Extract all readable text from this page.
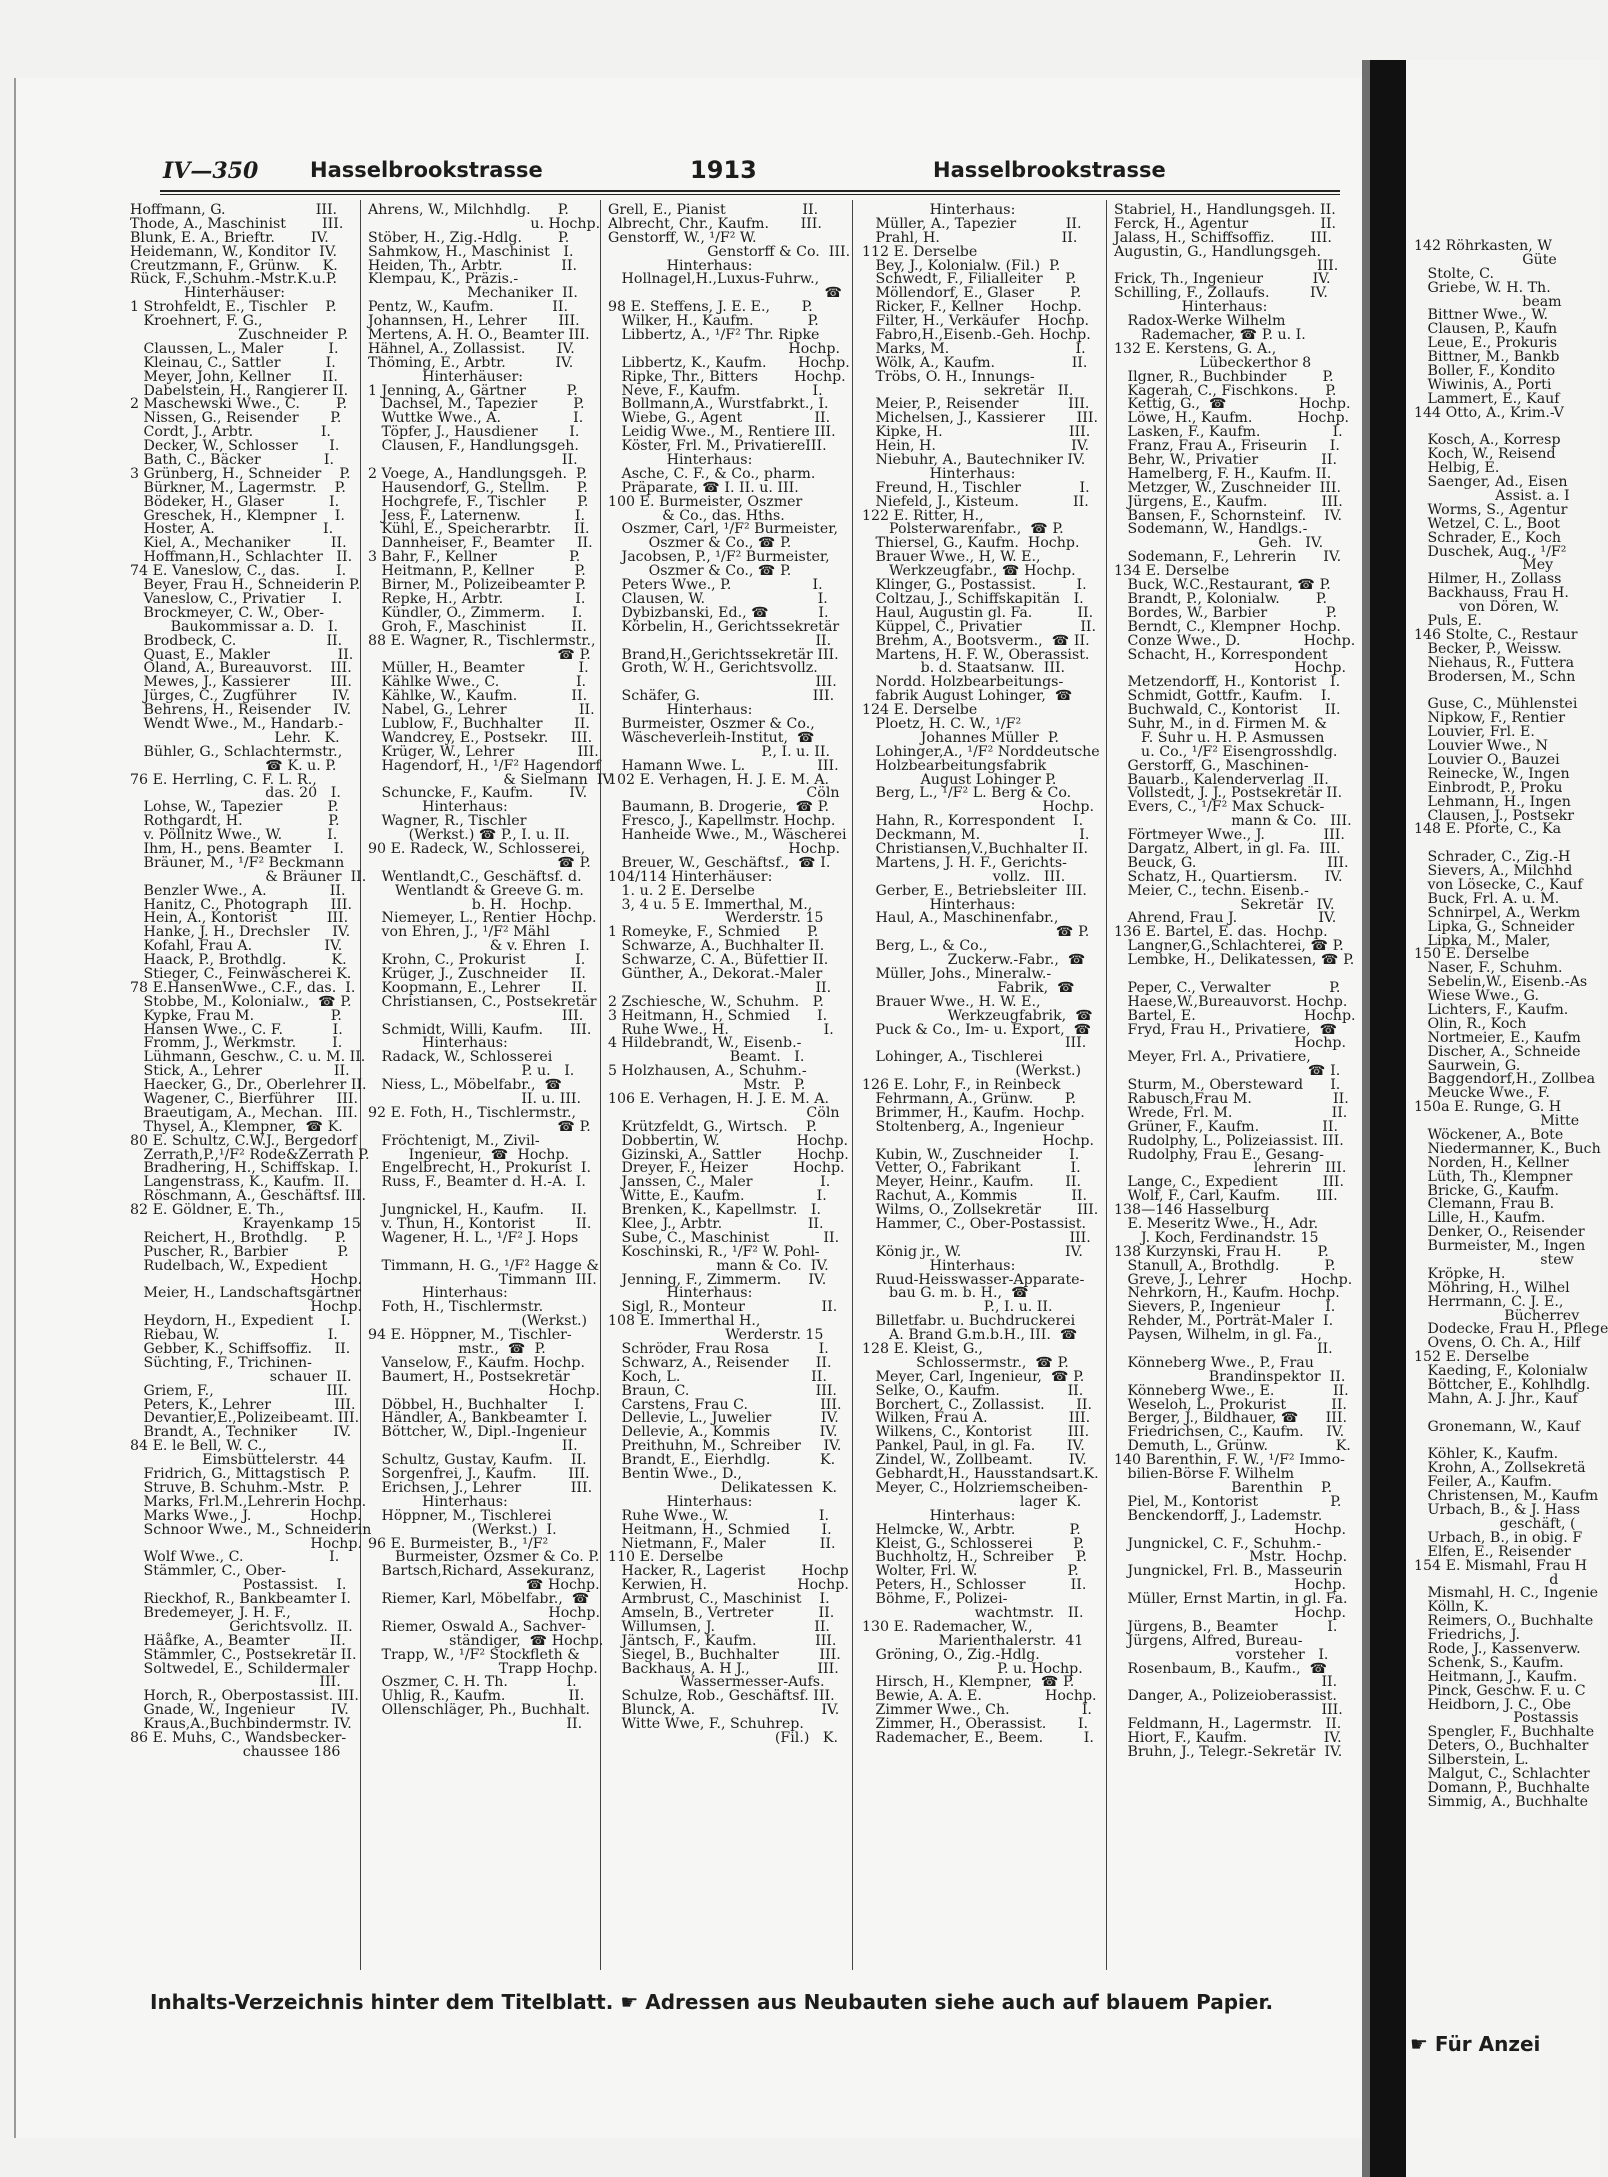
142 Röhrkasten, W
Güte
Stolte, C.
Griebe, W. H. Th.
beam
Bittner Wwe., W.
Clausen, P., Kaufn
Leue, E., Prokuris
Bittner, M., Bankb
Boller, F., Kondito
Wiwinis, A., Porti
Lammert, E., Kauf
144 Otto, A., Krim.-V
Kosch, A., Korresp
Koch, W., Reisend
Helbig, E.
Saenger, Ad., Eisen
Assist. a. I
Worms, S., Agentur
Wetzel, C. L., Boot
Schrader, E., Koch
Duschek, Aug., ¹/F²
Mey
Hilmer, H., Zollass
Backhauss, Frau H.
von Dören, W.
Puls, E.
146 Stolte, C., Restaur
Becker, P., Weissw.
Niehaus, R., Futtera
Brodersen, M., Schn
Guse, C., Mühlenstei
Nipkow, F., Rentier
Louvier, Frl. E.
Louvier Wwe., N
Louvier O., Bauzei
Reinecke, W., Ingen
Einbrodt, P., Proku
Lehmann, H., Ingen
Clausen, J., Postsekr
148 E. Pforte, C., Ka
Schrader, C., Zig.-H
Sievers, A., Milchhd
von Lösecke, C., Kauf
Buck, Frl. A. u. M.
Schnirpel, A., Werkm
Lipka, G., Schneider
Lipka, M., Maler,
150 E. Derselbe
Naser, F., Schuhm.
Sebelin,W., Eisenb.-As
Wiese Wwe., G.
Lichters, F., Kaufm.
Olin, R., Koch
Nortmeier, E., Kaufm
Discher, A., Schneide
Saurwein, G.
Baggendorf,H., Zollbea
Meucke Wwe., F.
150a E. Runge, G. H
Mitte
Wöckener, A., Bote
Niedermanner, K., Buch
Norden, H., Kellner
Lüth, Th., Klempner
Bricke, G., Kaufm.
Clemann, Frau B.
Lille, H., Kaufm.
Denker, O., Reisender
Burmeister, M., Ingen
stew
Kröpke, H.
Möhring, H., Wilhel
Herrmann, C. J. E.,
Bücherrev
Dodecke, Frau H., Pflege
Ovens, O. Ch. A., Hilf
152 E. Derselbe
Kaeding, F., Kolonialw
Böttcher, E., Kohlhdlg.
Mahn, A. J. Jhr., Kauf
Gronemann, W., Kauf
Köhler, K., Kaufm.
Krohn, A., Zollsekretä
Feiler, A., Kaufm.
Christensen, M., Kaufm
Urbach, B., & J. Hass
geschäft, (
Urbach, B., in obig. F
Elfen, E., Reisender
154 E. Mismahl, Frau H
d
Mismahl, H. C., Ingenie
Kölln, K.
Reimers, O., Buchhalte
Friedrichs, J.
Rode, J., Kassenverw.
Schenk, S., Kaufm.
Heitmann, J., Kaufm.
Pinck, Geschw. F. u. C
Heidborn, J. C., Obe
Postassis
Spengler, F., Buchhalte
Deters, O., Buchhalter
Silberstein, L.
Malgut, C., Schlachter
Domann, P., Buchhalte
Simmig, A., Buchhalte
☛ Für Anzei
IV—350 Hasselbrookstrasse	1913	Hasselbrookstrasse
Hoffmann, G.                    III.
Thode, A., Maschinist        III.
Blunk, E. A., Brieftr.        IV.
Heidemann, W., Konditor  IV.
Creutzmann, F., Grünw.     K.
Rück, F.,Schuhm.-Mstr.K.u.P.
Hinterhäuser:
1 Strohfeldt, E., Tischler    P.
Kroehnert, F. G.,
Zuschneider  P.
Claussen, L., Maler          I.
Kleinau, C., Sattler          I.
Meyer, John, Kellner       II.
Dabelstein, H., Rangierer II.
2 Maschewski Wwe., C.        P.
Nissen, G., Reisender       P.
Cordt, J., Arbtr.               I.
Decker, W., Schlosser       I.
Bath, C., Bäcker              I.
3 Grünberg, H., Schneider    P.
Bürkner, M., Lagermstr.    P.
Bödeker, H., Glaser          I.
Greschek, H., Klempner    I.
Hoster, A.                        I.
Kiel, A., Mechaniker         II.
Hoffmann,H., Schlachter   II.
74 E. Vaneslow, C., das.        I.
Beyer, Frau H., Schneiderin P.
Vaneslow, C., Privatier      I.
Brockmeyer, C. W., Ober-
Baukommissar a. D.   I.
Brodbeck, C.                    II.
Quast, E., Makler               II.
Oland, A., Bureauvorst.    III.
Mewes, J., Kassierer         III.
Jürges, C., Zugführer        IV.
Behrens, H., Reisender     IV.
Wendt Wwe., M., Handarb.-
Lehr.   K.
Bühler, G., Schlachtermstr.,
☎ K. u. P.
76 E. Herrling, C. F. L. R.,
das. 20   I.
Lohse, W., Tapezier          P.
Rothgardt, H.                   P.
v. Pöllnitz Wwe., W.          I.
Ihm, H., pens. Beamter     I.
Bräuner, M., ¹/F² Beckmann
& Bräuner  II.
Benzler Wwe., A.              II.
Hanitz, C., Photograph     III.
Hein, A., Kontorist           III.
Hanke, J. H., Drechsler     IV.
Kofahl, Frau A.                IV.
Haack, P., Brothdlg.          K.
Stieger, C., Feinwäscherei K.
78 E.HansenWwe., C.F., das.  I.
Stobbe, M., Kolonialw.,  ☎ P.
Kypke, Frau M.                 P.
Hansen Wwe., C. F.           I.
Fromm, J., Werkmstr.        I.
Lühmann, Geschw., C. u. M. II.
Stick, A., Lehrer                II.
Haecker, G., Dr., Oberlehrer II.
Wagener, C., Bierführer     III.
Braeutigam, A., Mechan.   III.
Thysel, A., Klempner,  ☎ K.
80 E. Schultz, C.W.J., Bergedorf
Zerrath,P.,¹/F² Rode&Zerrath P.
Bradhering, H., Schiffskap.  I.
Langenstrass, K., Kaufm.  II.
Röschmann, A., Geschäftsf. III.
82 E. Göldner, E. Th.,
Krayenkamp  15
Reichert, H., Brothdlg.      P.
Puscher, R., Barbier           P.
Rudelbach, W., Expedient
Hochp.
Meier, H., Landschaftsgärtner
Hochp.
Heydorn, H., Expedient      I.
Riebau, W.                        I.
Gebber, K., Schiffsoffiz.     II.
Süchting, F., Trichinen-
schauer  II.
Griem, F.,                         III.
Peters, K., Lehrer              III.
Devantier,E.,Polizeibeamt. III.
Brandt, A., Techniker        IV.
84 E. le Bell, W. C.,
Eimsbüttelerstr.  44
Fridrich, G., Mittagstisch   P.
Struve, B. Schuhm.-Mstr.   P.
Marks, Frl.M.,Lehrerin Hochp.
Marks Wwe., J.             Hochp.
Schnoor Wwe., M., Schneiderin
Hochp.
Wolf Wwe., C.                   I.
Stämmler, C., Ober-
Postassist.    I.
Rieckhof, R., Bankbeamter I.
Bredemeyer, J. H. F.,
Gerichtsvollz.  II.
Häåfke, A., Beamter         II.
Stämmler, C., Postsekretär II.
Soltwedel, E., Schildermaler
III.
Horch, R., Oberpostassist. III.
Gnade, W., Ingenieur        IV.
Kraus,A.,Buchbindermstr. IV.
86 E. Muhs, C., Wandsbecker-
chaussee 186
Ahrens, W., Milchhdlg.      P.
u. Hochp.
Stöber, H., Zig.-Hdlg.        P.
Sahmkow, H., Maschinist   I.
Heiden, Th., Arbtr.             II.
Klempau, K., Präzis.-
Mechaniker  II.
Pentz, W., Kaufm.             II.
Johannsen, H., Lehrer       III.
Mertens, A. H. O., Beamter III.
Hähnel, A., Zollassist.       IV.
Thöming, E., Arbtr.           IV.
Hinterhäuser:
1 Jenning, A., Gärtner         P.
Dachsel, M., Tapezier        P.
Wuttke Wwe., A.                I.
Töpfer, J., Hausdiener       I.
Clausen, F., Handlungsgeh.
II.
2 Voege, A., Handlungsgeh.  P.
Hausendorf, G., Stellm.      P.
Hochgrefe, F., Tischler       P.
Jess, F., Laternenw.            I.
Kühl, E., Speicherarbtr.     II.
Dannheiser, F., Beamter     II.
3 Bahr, F., Kellner                P.
Heitmann, P., Kellner         P.
Birner, M., Polizeibeamter P.
Repke, H., Arbtr.                I.
Kündler, O., Zimmerm.      I.
Groh, F., Maschinist          II.
88 E. Wagner, R., Tischlermstr.,
☎ P.
Müller, H., Beamter            I.
Kählke Wwe., C.                 I.
Kählke, W., Kaufm.            II.
Nabel, G., Lehrer                II.
Lublow, F., Buchhalter       II.
Wandcrey, E., Postsekr.     III.
Krüger, W., Lehrer              III.
Hagendorf, H., ¹/F² Hagendorf
& Sielmann  IV.
Schuncke, F., Kaufm.        IV.
Hinterhaus:
Wagner, R., Tischler
(Werkst.) ☎ P., I. u. II.
90 E. Radeck, W., Schlosserei,
☎ P.
Wentlandt,C., Geschäftsf. d.
Wentlandt & Greeve G. m.
b. H.   Hochp.
Niemeyer, L., Rentier  Hochp.
von Ehren, J., ¹/F² Mähl
& v. Ehren   I.
Krohn, C., Prokurist           I.
Krüger, J., Zuschneider     II.
Koopmann, E., Lehrer       II.
Christiansen, C., Postsekretär
III.
Schmidt, Willi, Kaufm.      III.
Hinterhaus:
Radack, W., Schlosserei
P. u.   I.
Niess, L., Möbelfabr.,  ☎
II. u. III.
92 E. Foth, H., Tischlermstr.,
☎ P.
Fröchtenigt, M., Zivil-
Ingenieur,  ☎  Hochp.
Engelbrecht, H., Prokurist  I.
Russ, F., Beamter d. H.-A.  I.
Jungnickel, H., Kaufm.      II.
v. Thun, H., Kontorist         II.
Wagener, H. L., ¹/F² J. Hops
Timmann, H. G., ¹/F² Hagge &
Timmann  III.
Hinterhaus:
Foth, H., Tischlermstr.
(Werkst.)
94 E. Höppner, M., Tischler-
mstr.,  ☎  P.
Vanselow, F., Kaufm. Hochp.
Baumert, H., Postsekretär
Hochp.
Döbbel, H., Buchhalter      I.
Händler, A., Bankbeamter  I.
Böttcher, W., Dipl.-Ingenieur
II.
Schultz, Gustav, Kaufm.    II.
Sorgenfrei, J., Kaufm.       III.
Erichsen, J., Lehrer           III.
Hinterhaus:
Höppner, M., Tischlerei
(Werkst.)  I.
96 E. Burmeister, B., ¹/F²
Burmeister, Ozsmer & Co. P.
Bartsch,Richard, Assekuranz,
☎ Hochp.
Riemer, Karl, Möbelfabr.,  ☎
Hochp.
Riemer, Oswald A., Sachver-
ständiger,  ☎ Hochp.
Trapp, W., ¹/F² Stockfleth &
Trapp Hochp.
Oszmer, C. H. Th.             I.
Uhlig, R., Kaufm.              II.
Ollenschläger, Ph., Buchhalt.
II.
Grell, E., Pianist                 II.
Albrecht, Chr., Kaufm.       III.
Genstorff, W., ¹/F² W.
Genstorff & Co.  III.
Hinterhaus:
Hollnagel,H.,Luxus-Fuhrw.,
☎
98 E. Steffens, J. E. E.,       P.
Wilker, H., Kaufm.            P.
Libbertz, A., ¹/F² Thr. Ripke
Hochp.
Libbertz, K., Kaufm.       Hochp.
Ripke, Thr., Bitters        Hochp.
Neve, F., Kaufm.                I.
Bollmann,A., Wurstfabrkt., I.
Wiebe, G., Agent                II.
Leidig Wwe., M., Rentiere III.
Köster, Frl. M., PrivatiereIII.
Hinterhaus:
Asche, C. F., & Co., pharm.
Präparate, ☎ I. II. u. III.
100 E. Burmeister, Oszmer
& Co., das. Hths.
Oszmer, Carl, ¹/F² Burmeister,
Oszmer & Co., ☎ P.
Jacobsen, P., ¹/F² Burmeister,
Oszmer & Co., ☎ P.
Peters Wwe., P.                  I.
Clausen, W.                         I.
Dybizbanski, Ed., ☎           I.
Körbelin, H., Gerichtssekretär
II.
Brand,H.,Gerichtssekretär III.
Groth, W. H., Gerichtsvollz.
III.
Schäfer, G.                         III.
Hinterhaus:
Burmeister, Oszmer & Co.,
Wäscheverleih-Institut,  ☎
P., I. u. II.
Hamann Wwe. L.                III.
102 E. Verhagen, H. J. E. M. A.
Cöln
Baumann, B. Drogerie,  ☎ P.
Fresco, J., Kapellmstr. Hochp.
Hanheide Wwe., M., Wäscherei
Hochp.
Breuer, W., Geschäftsf.,  ☎ I.
104/114 Hinterhäuser:
1. u. 2 E. Derselbe
3, 4 u. 5 E. Immerthal, M.,
Werderstr. 15
1 Romeyke, F., Schmied      P.
Schwarze, A., Buchhalter II.
Schwarze, C. A., Büfettier II.
Günther, A., Dekorat.-Maler
II.
2 Zschiesche, W., Schuhm.   P.
3 Heitmann, H., Schmied      I.
Ruhe Wwe., H.                     I.
4 Hildebrandt, W., Eisenb.-
Beamt.   I.
5 Holzhausen, A., Schuhm.-
Mstr.   P.
106 E. Verhagen, H. J. E. M. A.
Cöln
Krützfeldt, G., Wirtsch.    P.
Dobbertin, W.                 Hochp.
Gizinski, A., Sattler        Hochp.
Dreyer, F., Heizer          Hochp.
Janssen, C., Maler               I.
Witte, E., Kaufm.                I.
Brenken, K., Kapellmstr.   I.
Klee, J., Arbtr.                   II.
Sube, C., Maschinist            II.
Koschinski, R., ¹/F² W. Pohl-
mann & Co.  IV.
Jenning, F., Zimmerm.      IV.
Hinterhaus:
Sigl, R., Monteur                 II.
108 E. Immerthal H.,
Werderstr. 15
Schröder, Frau Rosa           I.
Schwarz, A., Reisender      II.
Koch, L.                             II.
Braun, C.                            III.
Carstens, Frau C.                III.
Dellevie, L., Juwelier           IV.
Dellevie, A., Kommis           IV.
Preithuhn, M., Schreiber     IV.
Brandt, E., Eierhdlg.           K.
Bentin Wwe., D.,
Delikatessen  K.
Hinterhaus:
Ruhe Wwe., W.                    I.
Heitmann, H., Schmied       I.
Nietmann, F., Maler            II.
110 E. Derselbe
Hacker, R., Lagerist        Hochp
Kerwien, H.                    Hochp.
Armbrust, C., Maschinist    I.
Amseln, B., Vertreter          II.
Willumsen, J.                      II.
Jäntsch, F., Kaufm.             III.
Siegel, B., Buchhalter         III.
Backhaus, A. H J.,               III.
Wassermesser-Aufs.
Schulze, Rob., Geschäftsf. III.
Blunck, A.                            IV.
Witte Wwe, F., Schuhrep.
(Fil.)   K.
Hinterhaus:
Müller, A., Tapezier           II.
Prahl, H.                           II.
112 E. Derselbe
Bey, J., Kolonialw. (Fil.)  P.
Schwedt, F., Filialleiter     P.
Möllendorf, E., Glaser        P.
Ricker, F., Kellner      Hochp.
Filter, H., Verkäufer    Hochp.
Fabro,H.,Eisenb.-Geh. Hochp.
Marks, M.                            I.
Wölk, A., Kaufm.                 II.
Tröbs, O. H., Innungs-
sekretär   II.
Meier, P., Reisender           III.
Michelsen, J., Kassierer       III.
Kipke, H.                            III.
Hein, H.                              IV.
Niebuhr, A., Bautechniker IV.
Hinterhaus:
Freund, H., Tischler             I.
Niefeld, J., Kisteum.            II.
122 E. Ritter, H.,
Polsterwarenfabr.,  ☎ P.
Thiersel, G., Kaufm.  Hochp.
Brauer Wwe., H, W. E.,
Werkzeugfabr., ☎ Hochp.
Klinger, G., Postassist.         I.
Coltzau, J., Schiffskapitän   I.
Haul, Augustin gl. Fa.          II.
Küppel, C., Privatier             II.
Brehm, A., Bootsverm.,  ☎ II.
Martens, H. F. W., Oberassist.
b. d. Staatsanw.  III.
Nordd. Holzbearbeitungs-
fabrik August Lohinger,  ☎
124 E. Derselbe
Ploetz, H. C. W., ¹/F²
Johannes Müller  P.
Lohinger,A., ¹/F² Norddeutsche
Holzbearbeitungsfabrik
August Lohinger P.
Berg, L., ¹/F² L. Berg & Co.
Hochp.
Hahn, R., Korrespondent    I.
Deckmann, M.                      I.
Christiansen,V.,Buchhalter II.
Martens, J. H. F., Gerichts-
vollz.   III.
Gerber, E., Betriebsleiter  III.
Hinterhaus:
Haul, A., Maschinenfabr.,
☎ P.
Berg, L., & Co.,
Zuckerw.-Fabr.,  ☎
Müller, Johs., Mineralw.-
Fabrik,  ☎
Brauer Wwe., H. W. E.,
Werkzeugfabrik,  ☎
Puck & Co., Im- u. Export,  ☎
III.
Lohinger, A., Tischlerei
(Werkst.)
126 E. Lohr, F., in Reinbeck
Fehrmann, A., Grünw.       P.
Brimmer, H., Kaufm.  Hochp.
Stoltenberg, A., Ingenieur
Hochp.
Kubin, W., Zuschneider      I.
Vetter, O., Fabrikant           I.
Meyer, Heinr., Kaufm.       II.
Rachut, A., Kommis            II.
Wilms, O., Zollsekretär        III.
Hammer, C., Ober-Postassist.
III.
König jr., W.                       IV.
Hinterhaus:
Ruud-Heisswasser-Apparate-
bau G. m. b. H.,  ☎
P., I. u. II.
Billetfabr. u. Buchdruckerei
A. Brand G.m.b.H., III.  ☎
128 E. Kleist, G.,
Schlossermstr.,  ☎ P.
Meyer, Carl, Ingenieur,  ☎ P.
Selke, O., Kaufm.               II.
Borchert, C., Zollassist.       II.
Wilken, Frau A.                  III.
Wilkens, C., Kontorist        III.
Pankel, Paul, in gl. Fa.       IV.
Zindel, W., Zollbeamt.        IV.
Gebhardt,H., Hausstandsart.K.
Meyer, C., Holzriemscheiben-
lager  K.
Hinterhaus:
Helmcke, W., Arbtr.            P.
Kleist, G., Schlosserei         P.
Buchholtz, H., Schreiber     P.
Wolter, Frl. W.                    P.
Peters, H., Schlosser          II.
Böhme, F., Polizei-
wachtmstr.   II.
130 E. Rademacher, W.,
Marienthalerstr.  41
Gröning, O., Zig.-Hdlg.
P. u. Hochp.
Hirsch, H., Klempner,  ☎ P.
Bewie, A. A. E.              Hochp.
Zimmer Wwe., Ch.                I.
Zimmer, H., Oberassist.       I.
Rademacher, E., Beem.         I.
Stabriel, H., Handlungsgeh. II.
Ferck, H., Agentur                II.
Jalass, H., Schiffsoffiz.        III.
Augustin, G., Handlungsgeh.
III.
Frick, Th., Ingenieur           IV.
Schilling, F., Zollaufs.         IV.
Hinterhaus:
Radox-Werke Wilhelm
Rademacher, ☎ P. u. I.
132 E. Kerstens, G. A.,
Lübeckerthor 8
Ilgner, R., Buchbinder        P.
Kagerah, C., Fischkons.      P.
Kettig, G.,  ☎                Hochp.
Löwe, H., Kaufm.          Hochp.
Lasken, F., Kaufm.                I.
Franz, Frau A., Friseurin     I.
Behr, W., Privatier              II.
Hamelberg, F. H., Kaufm. II.
Metzger, W., Zuschneider  III.
Jürgens, E., Kaufm.            III.
Bansen, F., Schornsteinf.    IV.
Sodemann, W., Handlgs.-
Geh.   IV.
Sodemann, F., Lehrerin      IV.
134 E. Derselbe
Buck, W.C.,Restaurant, ☎ P.
Brandt, P., Kolonialw.        P.
Bordes, W., Barbier             P.
Berndt, C., Klempner  Hochp.
Conze Wwe., D.              Hochp.
Schacht, H., Korrespondent
Hochp.
Metzendorff, H., Kontorist   I.
Schmidt, Gottfr., Kaufm.    I.
Buchwald, C., Kontorist      II.
Suhr, M., in d. Firmen M. &
F. Suhr u. H. P. Asmussen
u. Co., ¹/F² Eisengrosshdlg.
Gerstorff, G., Maschinen-
Bauarb., Kalenderverlag  II.
Vollstedt, J. J., Postsekretär II.
Evers, C., ¹/F² Max Schuck-
mann & Co.   III.
Förtmeyer Wwe., J.             III.
Dargatz, Albert, in gl. Fa.  III.
Beuck, G.                             III.
Schatz, H., Quartiersm.      IV.
Meier, C., techn. Eisenb.-
Sekretär   IV.
Ahrend, Frau J.                  IV.
136 E. Bartel, E. das.  Hochp.
Langner,G.,Schlachterei, ☎ P.
Lembke, H., Delikatessen, ☎ P.
Peper, C., Verwalter             P.
Haese,W.,Bureauvorst. Hochp.
Bartel, E.                        Hochp.
Fryd, Frau H., Privatiere,  ☎
Hochp.
Meyer, Frl. A., Privatiere,
☎ I.
Sturm, M., Obersteward      I.
Rabusch,Frau M.                  II.
Wrede, Frl. M.                      II.
Grüner, F., Kaufm.              II.
Rudolphy, L., Polizeiassist. III.
Rudolphy, Frau E., Gesang-
lehrerin   III.
Lange, C., Expedient          III.
Wolf, F., Carl, Kaufm.        III.
138—146 Hasselburg
E. Meseritz Wwe., H., Adr.
J. Koch, Ferdinandstr. 15
138 Kurzynski, Frau H.        P.
Stanull, A., Brothdlg.          P.
Greve, J., Lehrer            Hochp.
Nehrkorn, H., Kaufm. Hochp.
Sievers, P., Ingenieur          I.
Rehder, M., Porträt-Maler  I.
Paysen, Wilhelm, in gl. Fa.,
II.
Könneberg Wwe., P., Frau
Brandinspektor  II.
Könneberg Wwe., E.             II.
Weseloh, L., Prokurist          II.
Berger, J., Bildhauer, ☎      III.
Friedrichsen, C., Kaufm.     IV.
Demuth, L., Grünw.               K.
140 Barenthin, F. W., ¹/F² Immo-
bilien-Börse F. Wilhelm
Barenthin    P.
Piel, M., Kontorist                P.
Benckendorff, J., Lademstr.
Hochp.
Jungnickel, C. F., Schuhm.-
Mstr.  Hochp.
Jungnickel, Frl. B., Masseurin
Hochp.
Müller, Ernst Martin, in gl. Fa.
Hochp.
Jürgens, B., Beamter           I.
Jürgens, Alfred, Bureau-
vorsteher   I.
Rosenbaum, B., Kaufm.,  ☎
II.
Danger, A., Polizeioberassist.
III.
Feldmann, H., Lagermstr.   II.
Hiort, F., Kaufm.                 IV.
Bruhn, J., Telegr.-Sekretär  IV.
Inhalts-Verzeichnis hinter dem Titelblatt. ☛ Adressen aus Neubauten siehe auch auf blauem Papier.
